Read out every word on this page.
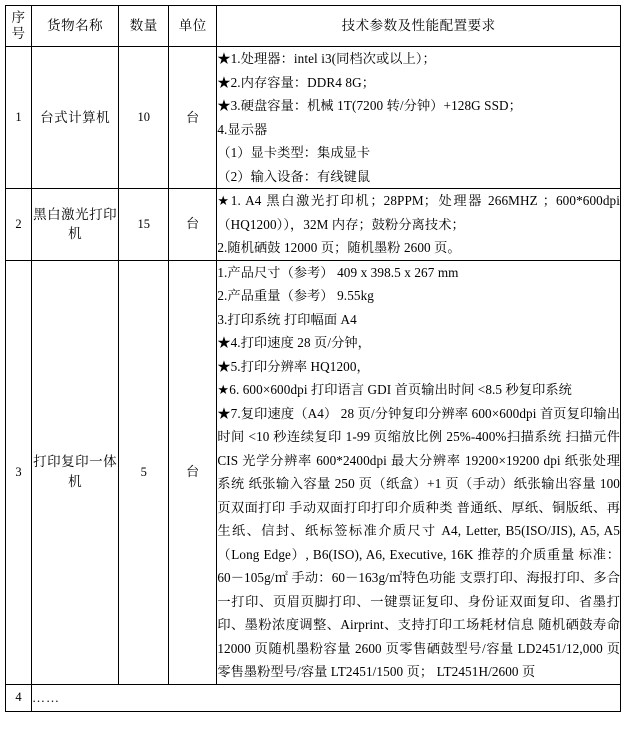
序 号	货物名称	数量	单位	技术参数及性能配置要求
1	台式计算机	10	台	
★1.处理器：intel i3(同档次或以上）；
★2.内存容量：DDR4 8G；
★3.硬盘容量：机械 1T(7200 转/分钟）+128G SSD；
4.显示器
（1）显卡类型：集成显卡
（2）输入设备：有线键鼠

2	黑白激光打印机	15	台	★1. A4 黑白激光打印机；28PPM；处理器 266MHZ ；600*600dpi（HQ1200）），32M 内存；鼓粉分离技术；
2.随机硒鼓 12000 页；随机墨粉 2600 页。

3	打印复印一体机	5	台	
1.产品尺寸（参考） 409 x 398.5 x 267 mm
2.产品重量（参考） 9.55kg
3.打印系统 打印幅面 A4
★4.打印速度 28 页/分钟，
★5.打印分辨率 HQ1200，
★6. 600×600dpi 打印语言 GDI 首页输出时间 <8.5 秒复印系统
★7.复印速度（A4） 28 页/分钟复印分辨率 600×600dpi 首页复印输出时间 <10 秒连续复印 1-99 页缩放比例 25%-400%扫描系统 扫描元件 CIS 光学分辨率 600*2400dpi 最大分辨率 19200×19200 dpi 纸张处理系统 纸张输入容量 250 页（纸盒）+1 页（手动）纸张输出容量 100 页双面打印 手动双面打印打印介质种类 普通纸、厚纸、铜版纸、再生纸、信封、纸标签标准介质尺寸 A4, Letter, B5(ISO/JIS), A5, A5（Long Edge）, B6(ISO), A6, Executive, 16K 推荐的介质重量 标准：60－105g/㎡ 手动：60－163g/㎡特色功能 支票打印、海报打印、多合一打印、页眉页脚打印、一键票证复印、身份证双面复印、省墨打印、墨粉浓度调整、Airprint、支持打印工场耗材信息 随机硒鼓寿命 12000 页随机墨粉容量 2600 页零售硒鼓型号/容量 LD2451/12,000 页零售墨粉型号/容量 LT2451/1500 页； LT2451H/2600 页

4	……			
